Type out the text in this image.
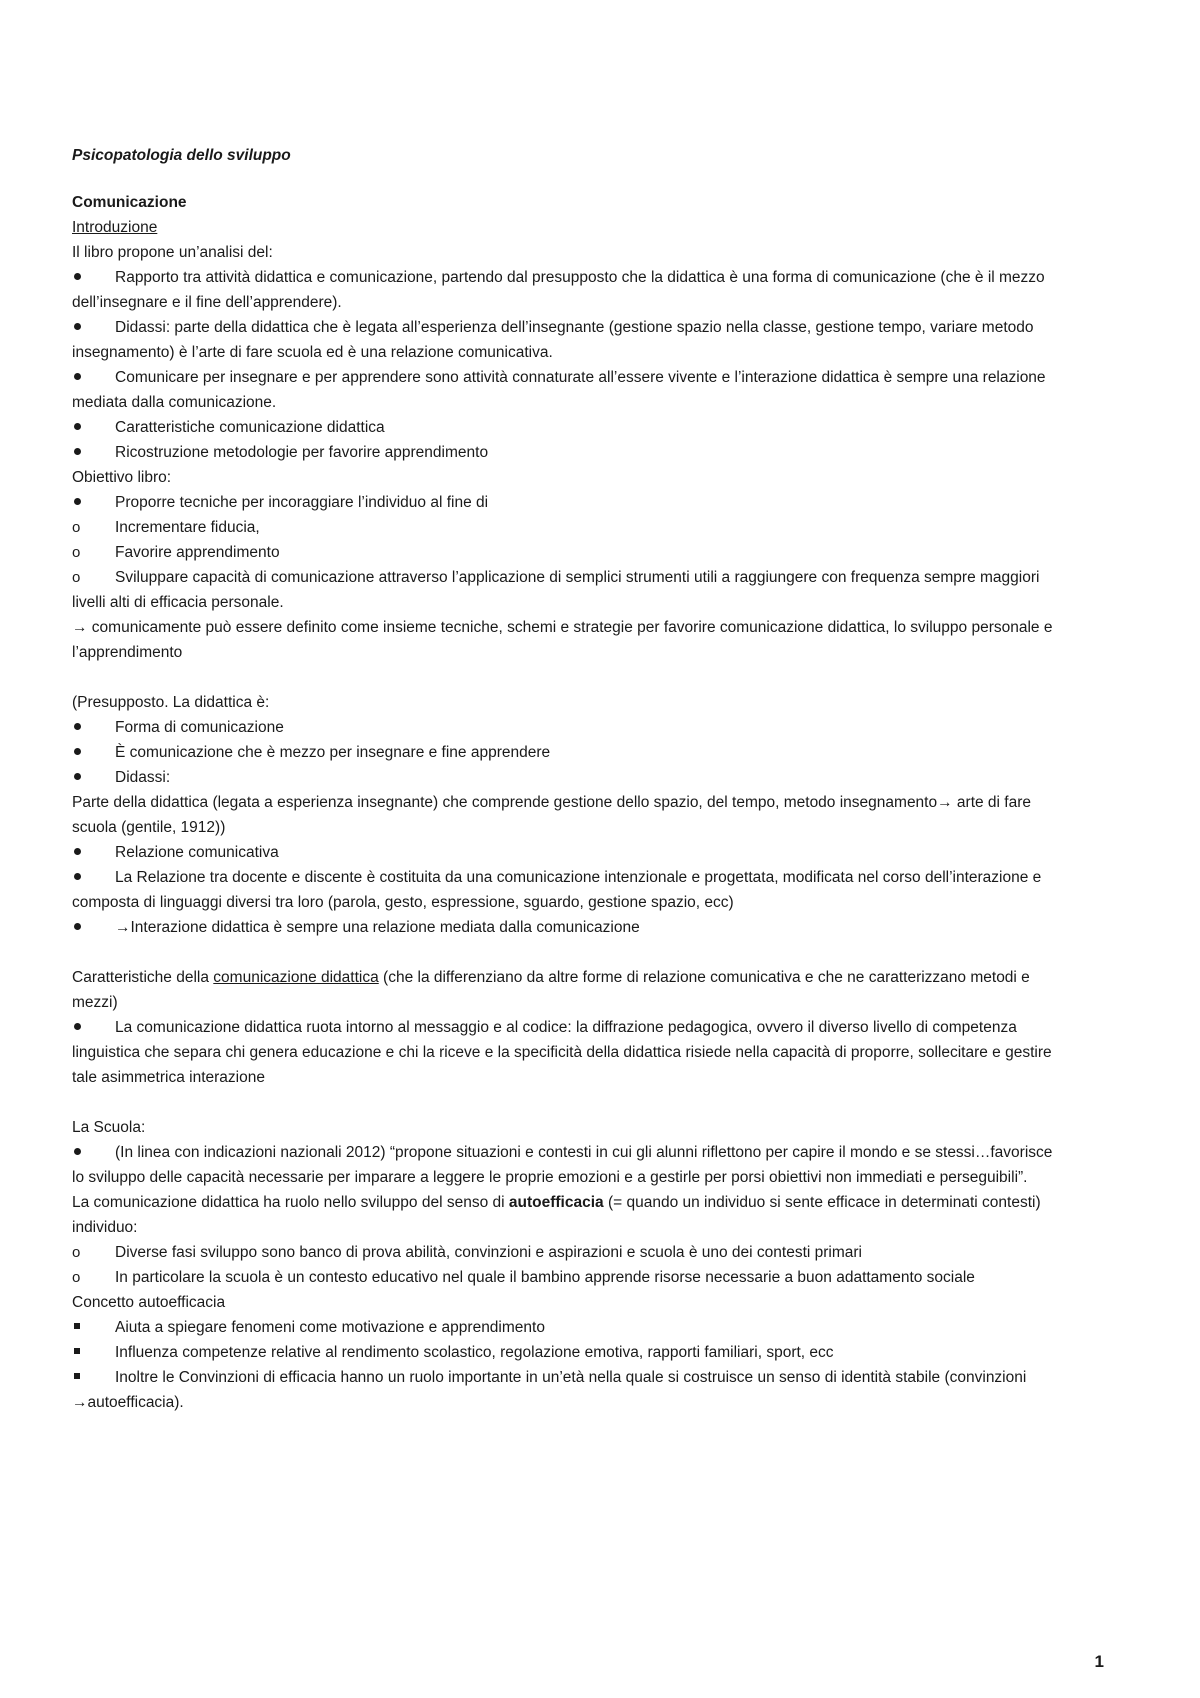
Psicopatologia dello sviluppo
Comunicazione
Introduzione
Il libro propone un’analisi del:
Rapporto tra attività didattica e comunicazione, partendo dal presupposto che la didattica è una forma di comunicazione (che è il mezzo
dell’insegnare e il fine dell’apprendere).
Didassi: parte della didattica che è legata all’esperienza dell’insegnante (gestione spazio nella classe, gestione tempo, variare metodo
insegnamento) è l’arte di fare scuola ed è una relazione comunicativa.
Comunicare per insegnare e per apprendere sono attività connaturate all’essere vivente e l’interazione didattica è sempre una relazione
mediata dalla comunicazione.
Caratteristiche comunicazione didattica
Ricostruzione metodologie per favorire apprendimento
Obiettivo libro:
Proporre tecniche per incoraggiare l’individuo al fine di
o	Incrementare fiducia,
o	Favorire apprendimento
o	Sviluppare capacità di comunicazione attraverso l’applicazione di semplici strumenti utili a raggiungere con frequenza sempre maggiori
livelli alti di efficacia personale.
→ comunicamente può essere definito come insieme tecniche, schemi e strategie per favorire comunicazione didattica, lo sviluppo personale e
l’apprendimento
(Presupposto. La didattica è:
Forma di comunicazione
È comunicazione che è mezzo per insegnare e fine apprendere
Didassi:
Parte della didattica (legata a esperienza insegnante) che comprende gestione dello spazio, del tempo, metodo insegnamento→ arte di fare
scuola (gentile, 1912))
Relazione comunicativa
La Relazione tra docente e discente è costituita da una comunicazione intenzionale e progettata, modificata nel corso dell’interazione e
composta di linguaggi diversi tra loro (parola, gesto, espressione, sguardo, gestione spazio, ecc)
→Interazione didattica è sempre una relazione mediata dalla comunicazione
Caratteristiche della comunicazione didattica (che la differenziano da altre forme di relazione comunicativa e che ne caratterizzano metodi e
mezzi)
La comunicazione didattica ruota intorno al messaggio e al codice: la diffrazione pedagogica, ovvero il diverso livello di competenza
linguistica che separa chi genera educazione e chi la riceve e la specificità della didattica risiede nella capacità di proporre, sollecitare e gestire
tale asimmetrica interazione
La Scuola:
(In linea con indicazioni nazionali 2012) “propone situazioni e contesti in cui gli alunni riflettono per capire il mondo e se stessi…favorisce
lo sviluppo delle capacità necessarie per imparare a leggere le proprie emozioni e a gestirle per porsi obiettivi non immediati e perseguibili”.
La comunicazione didattica ha ruolo nello sviluppo del senso di autoefficacia (= quando un individuo si sente efficace in determinati contesti)
individuo:
o	Diverse fasi sviluppo sono banco di prova abilità, convinzioni e aspirazioni e scuola è uno dei contesti primari
o	In particolare la scuola è un contesto educativo nel quale il bambino apprende risorse necessarie a buon adattamento sociale
Concetto autoefficacia
Aiuta a spiegare fenomeni come motivazione e apprendimento
Influenza competenze relative al rendimento scolastico, regolazione emotiva, rapporti familiari, sport, ecc
Inoltre le Convinzioni di efficacia hanno un ruolo importante in un’età nella quale si costruisce un senso di identità stabile (convinzioni
→autoefficacia).
1
